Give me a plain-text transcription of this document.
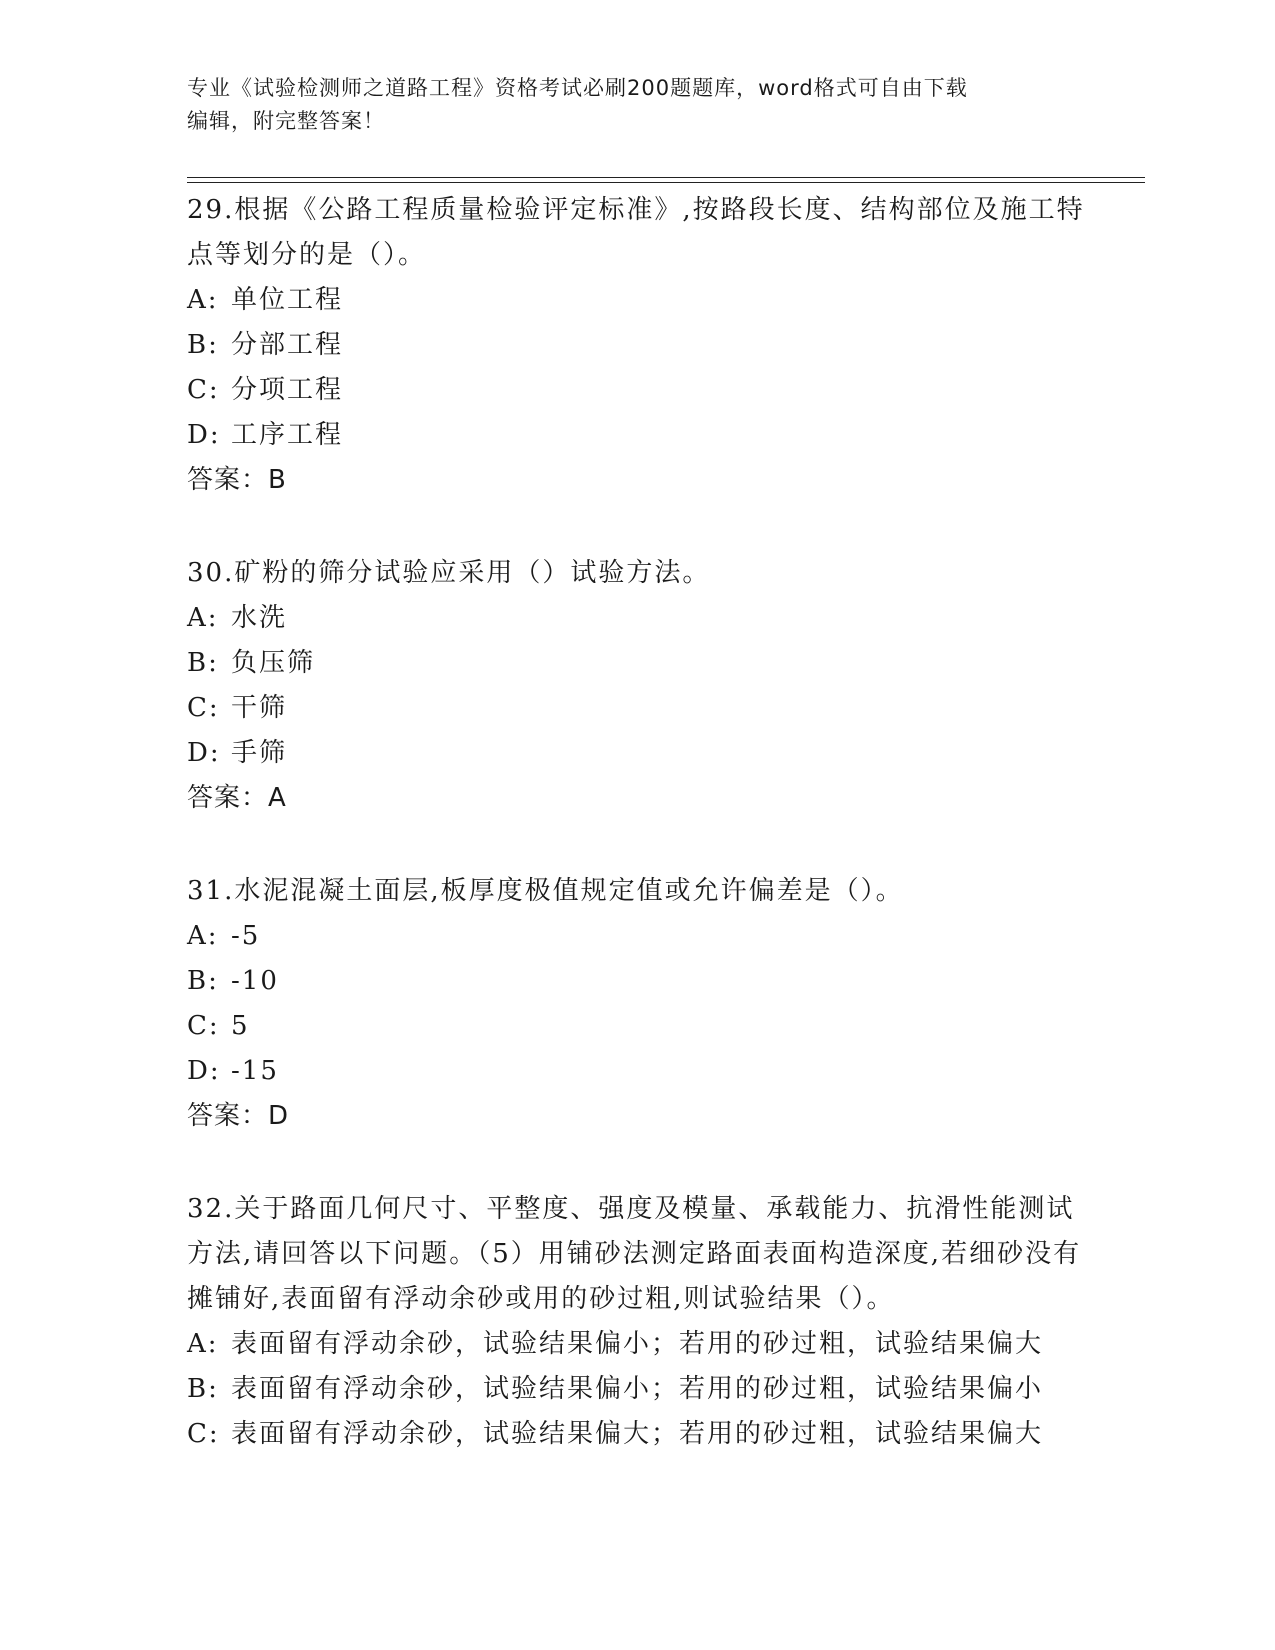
专业《试验检测师之道路工程》资格考试必刷200题题库，word格式可自由下载
编辑，附完整答案！

29.根据《公路工程质量检验评定标准》,按路段长度、结构部位及施工特点等划分的是（）。

A: 单位工程
B: 分部工程
C: 分项工程
D: 工序工程
答案：B

30.矿粉的筛分试验应采用（）试验方法。

A: 水洗
B: 负压筛
C: 干筛
D: 手筛
答案：A

31.水泥混凝土面层,板厚度极值规定值或允许偏差是（）。

A: -5
B: -10
C: 5
D: -15
答案：D

32.关于路面几何尺寸、平整度、强度及模量、承载能力、抗滑性能测试方法,请回答以下问题。（5）用铺砂法测定路面表面构造深度,若细砂没有摊铺好,表面留有浮动余砂或用的砂过粗,则试验结果（）。

A: 表面留有浮动余砂，试验结果偏小；若用的砂过粗，试验结果偏大
B: 表面留有浮动余砂，试验结果偏小；若用的砂过粗，试验结果偏小
C: 表面留有浮动余砂，试验结果偏大；若用的砂过粗，试验结果偏大
